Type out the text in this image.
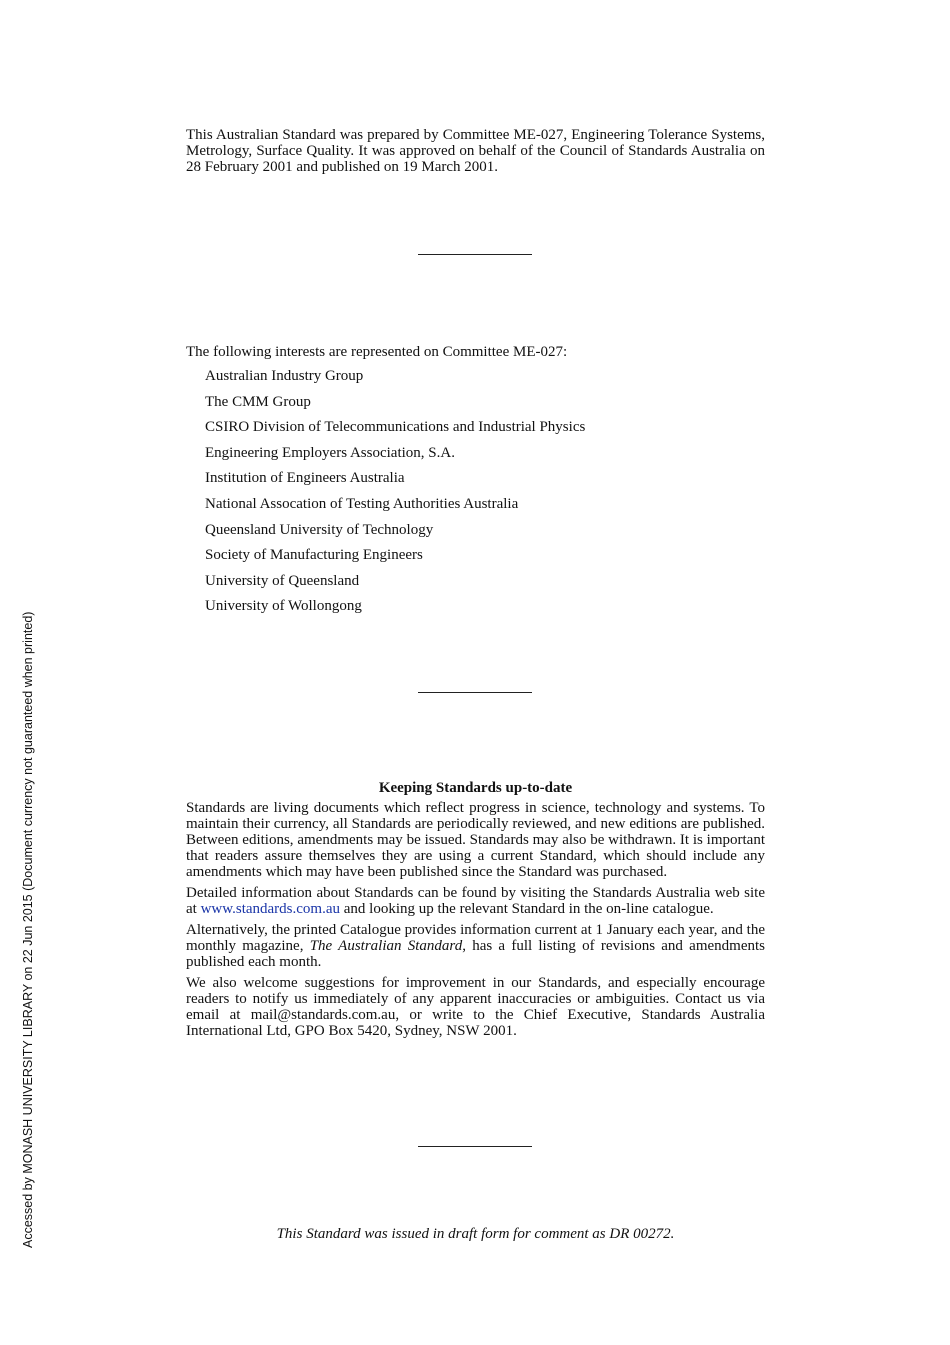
Accessed by MONASH UNIVERSITY LIBRARY on 22 Jun 2015 (Document currency not guaranteed when printed)

This Australian Standard was prepared by Committee ME-027, Engineering Tolerance Systems, Metrology, Surface Quality. It was approved on behalf of the Council of Standards Australia on 28 February 2001 and published on 19 March 2001.

The following interests are represented on Committee ME-027:

Australian Industry Group
The CMM Group
CSIRO Division of Telecommunications and Industrial Physics
Engineering Employers Association, S.A.
Institution of Engineers Australia
National Assocation of Testing Authorities Australia
Queensland University of Technology
Society of Manufacturing Engineers
University of Queensland
University of Wollongong
Keeping Standards up-to-date

Standards are living documents which reflect progress in science, technology and systems. To maintain their currency, all Standards are periodically reviewed, and new editions are published. Between editions, amendments may be issued. Standards may also be withdrawn. It is important that readers assure themselves they are using a current Standard, which should include any amendments which may have been published since the Standard was purchased.

Detailed information about Standards can be found by visiting the Standards Australia web site at www.standards.com.au and looking up the relevant Standard in the on-line catalogue.

Alternatively, the printed Catalogue provides information current at 1 January each year, and the monthly magazine, The Australian Standard, has a full listing of revisions and amendments published each month.

We also welcome suggestions for improvement in our Standards, and especially encourage readers to notify us immediately of any apparent inaccuracies or ambiguities. Contact us via email at mail@standards.com.au, or write to the Chief Executive, Standards Australia International Ltd, GPO Box 5420, Sydney, NSW 2001.

This Standard was issued in draft form for comment as DR 00272.
